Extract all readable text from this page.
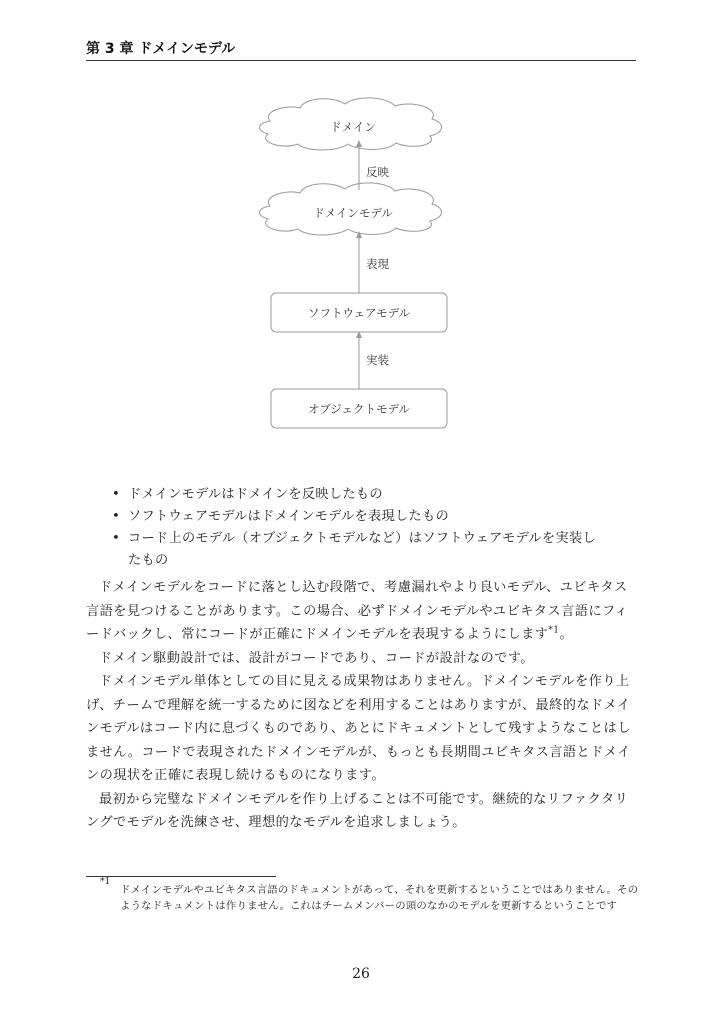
第 3 章 ドメインモデル
ドメイン
ドメインモデル
ソフトウェアモデル
オブジェクトモデル
反映
表現
実装
• ドメインモデルはドメインを反映したもの
• ソフトウェアモデルはドメインモデルを表現したもの
• コード上のモデル（オブジェクトモデルなど）はソフトウェアモデルを実装し
たもの

ドメインモデルをコードに落とし込む段階で、考慮漏れやより良いモデル、ユビキタス言語を見つけることがあります。この場合、必ずドメインモデルやユビキタス言語にフィードバックし、常にコードが正確にドメインモデルを表現するようにします$^{*1}$。

ドメイン駆動設計では、設計がコードであり、コードが設計なのです。

ドメインモデル単体としての目に見える成果物はありません。ドメインモデルを作り上げ、チームで理解を統一するために図などを利用することはありますが、最終的なドメインモデルはコード内に息づくものであり、あとにドキュメントとして残すようなことはしません。コードで表現されたドメインモデルが、もっとも長期間ユビキタス言語とドメインの現状を正確に表現し続けるものになります。

最初から完璧なドメインモデルを作り上げることは不可能です。継続的なリファクタリングでモデルを洗練させ、理想的なモデルを追求しましょう。

*1
ドメインモデルやユビキタス言語のドキュメントがあって、それを更新するということではありません。そのようなドキュメントは作りません。これはチームメンバーの頭のなかのモデルを更新するということです
26
